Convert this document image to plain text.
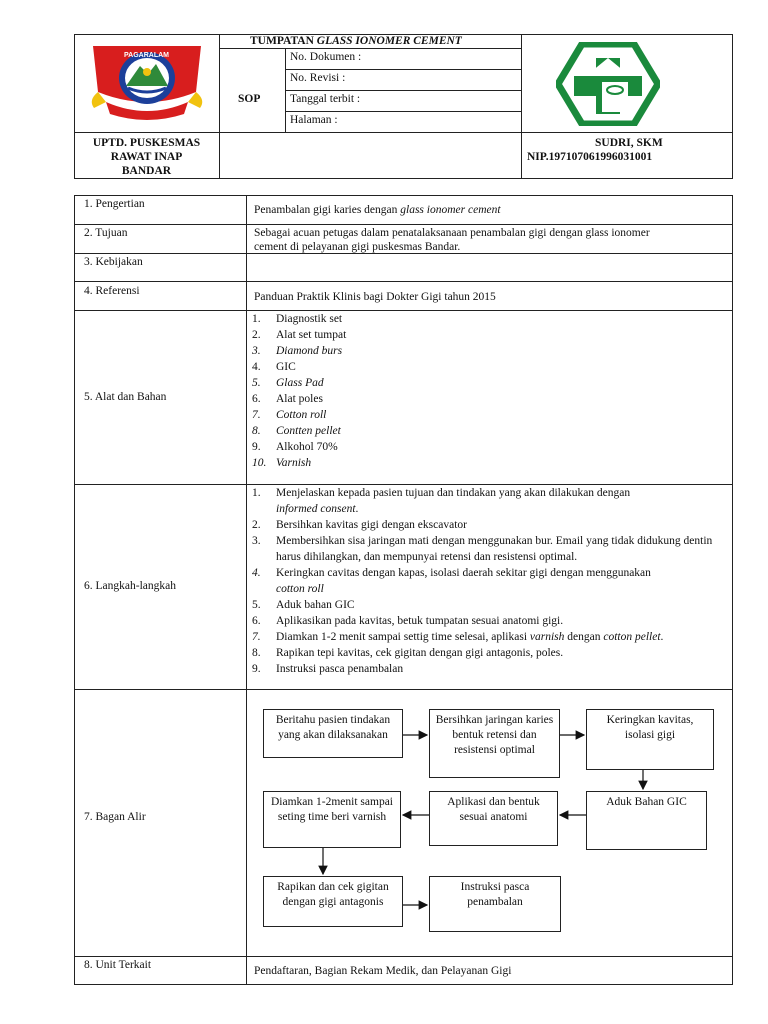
PAGARALAM
TUMPATAN GLASS IONOMER CEMENT
SOP
No. Dokumen :
No. Revisi :
Tanggal terbit :
Halaman :
UPTD. PUSKESMAS
RAWAT INAP
BANDAR
SUDRI, SKM
NIP.197107061996031001
1. Pengertian	Penambalan gigi karies dengan glass ionomer cement
2. Tujuan	Sebagai acuan petugas dalam penatalaksanaan penambalan gigi dengan glass ionomer
cement di pelayanan gigi puskesmas Bandar.
3. Kebijakan
4. Referensi	Panduan Praktik Klinis bagi Dokter Gigi tahun 2015
5. Alat dan Bahan
1. Diagnostik set
2. Alat set tumpat
3. Diamond burs
4. GIC
5. Glass Pad
6. Alat poles
7. Cotton roll
8. Contten pellet
9. Alkohol 70%
10. Varnish
6. Langkah-langkah
1. Menjelaskan kepada pasien tujuan dan tindakan yang akan dilakukan dengan
informed consent.
2. Bersihkan kavitas gigi dengan ekscavator
3. Membersihkan sisa jaringan mati dengan menggunakan bur. Email yang tidak didukung dentin harus dihilangkan, dan mempunyai retensi dan resistensi optimal.
4. Keringkan cavitas dengan kapas, isolasi daerah sekitar gigi dengan menggunakan
cotton roll
5. Aduk bahan GIC
6. Aplikasikan pada kavitas, betuk tumpatan sesuai anatomi gigi.
7. Diamkan 1-2 menit sampai settig time selesai, aplikasi varnish dengan cotton pellet.
8. Rapikan tepi kavitas, cek gigitan dengan gigi antagonis, poles.
9. Instruksi pasca penambalan
7. Bagan Alir
Beritahu pasien tindakan yang akan dilaksanakan
Bersihkan jaringan karies bentuk retensi dan resistensi optimal
Keringkan kavitas, isolasi gigi
Aduk Bahan GIC
Aplikasi dan bentuk sesuai anatomi
Diamkan 1-2menit sampai seting time beri varnish
Rapikan dan cek gigitan dengan gigi antagonis
Instruksi pasca penambalan
8. Unit Terkait	Pendaftaran, Bagian Rekam Medik, dan Pelayanan Gigi
